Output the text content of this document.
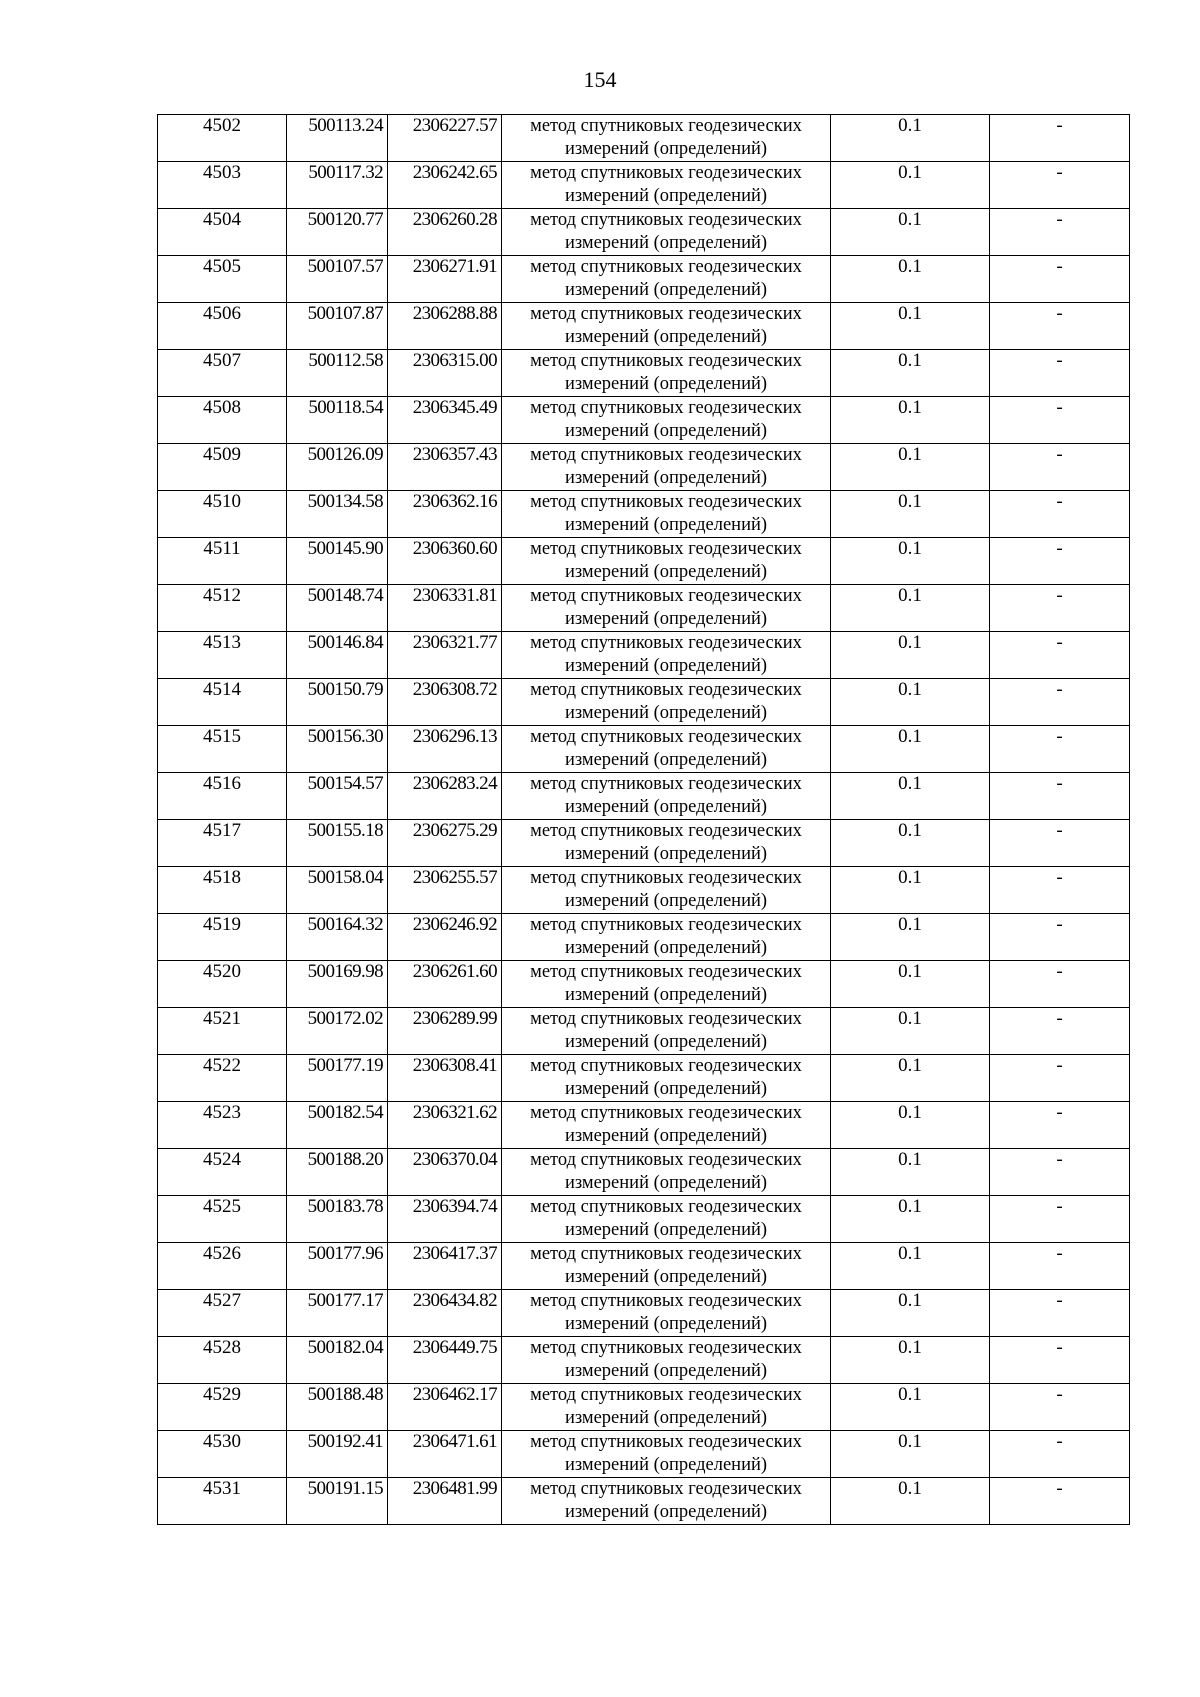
154
4502	500113.24	2306227.57	метод спутниковых геодезических
измерений (определений)	0.1	-
4503	500117.32	2306242.65	метод спутниковых геодезических
измерений (определений)	0.1	-
4504	500120.77	2306260.28	метод спутниковых геодезических
измерений (определений)	0.1	-
4505	500107.57	2306271.91	метод спутниковых геодезических
измерений (определений)	0.1	-
4506	500107.87	2306288.88	метод спутниковых геодезических
измерений (определений)	0.1	-
4507	500112.58	2306315.00	метод спутниковых геодезических
измерений (определений)	0.1	-
4508	500118.54	2306345.49	метод спутниковых геодезических
измерений (определений)	0.1	-
4509	500126.09	2306357.43	метод спутниковых геодезических
измерений (определений)	0.1	-
4510	500134.58	2306362.16	метод спутниковых геодезических
измерений (определений)	0.1	-
4511	500145.90	2306360.60	метод спутниковых геодезических
измерений (определений)	0.1	-
4512	500148.74	2306331.81	метод спутниковых геодезических
измерений (определений)	0.1	-
4513	500146.84	2306321.77	метод спутниковых геодезических
измерений (определений)	0.1	-
4514	500150.79	2306308.72	метод спутниковых геодезических
измерений (определений)	0.1	-
4515	500156.30	2306296.13	метод спутниковых геодезических
измерений (определений)	0.1	-
4516	500154.57	2306283.24	метод спутниковых геодезических
измерений (определений)	0.1	-
4517	500155.18	2306275.29	метод спутниковых геодезических
измерений (определений)	0.1	-
4518	500158.04	2306255.57	метод спутниковых геодезических
измерений (определений)	0.1	-
4519	500164.32	2306246.92	метод спутниковых геодезических
измерений (определений)	0.1	-
4520	500169.98	2306261.60	метод спутниковых геодезических
измерений (определений)	0.1	-
4521	500172.02	2306289.99	метод спутниковых геодезических
измерений (определений)	0.1	-
4522	500177.19	2306308.41	метод спутниковых геодезических
измерений (определений)	0.1	-
4523	500182.54	2306321.62	метод спутниковых геодезических
измерений (определений)	0.1	-
4524	500188.20	2306370.04	метод спутниковых геодезических
измерений (определений)	0.1	-
4525	500183.78	2306394.74	метод спутниковых геодезических
измерений (определений)	0.1	-
4526	500177.96	2306417.37	метод спутниковых геодезических
измерений (определений)	0.1	-
4527	500177.17	2306434.82	метод спутниковых геодезических
измерений (определений)	0.1	-
4528	500182.04	2306449.75	метод спутниковых геодезических
измерений (определений)	0.1	-
4529	500188.48	2306462.17	метод спутниковых геодезических
измерений (определений)	0.1	-
4530	500192.41	2306471.61	метод спутниковых геодезических
измерений (определений)	0.1	-
4531	500191.15	2306481.99	метод спутниковых геодезических
измерений (определений)	0.1	-
